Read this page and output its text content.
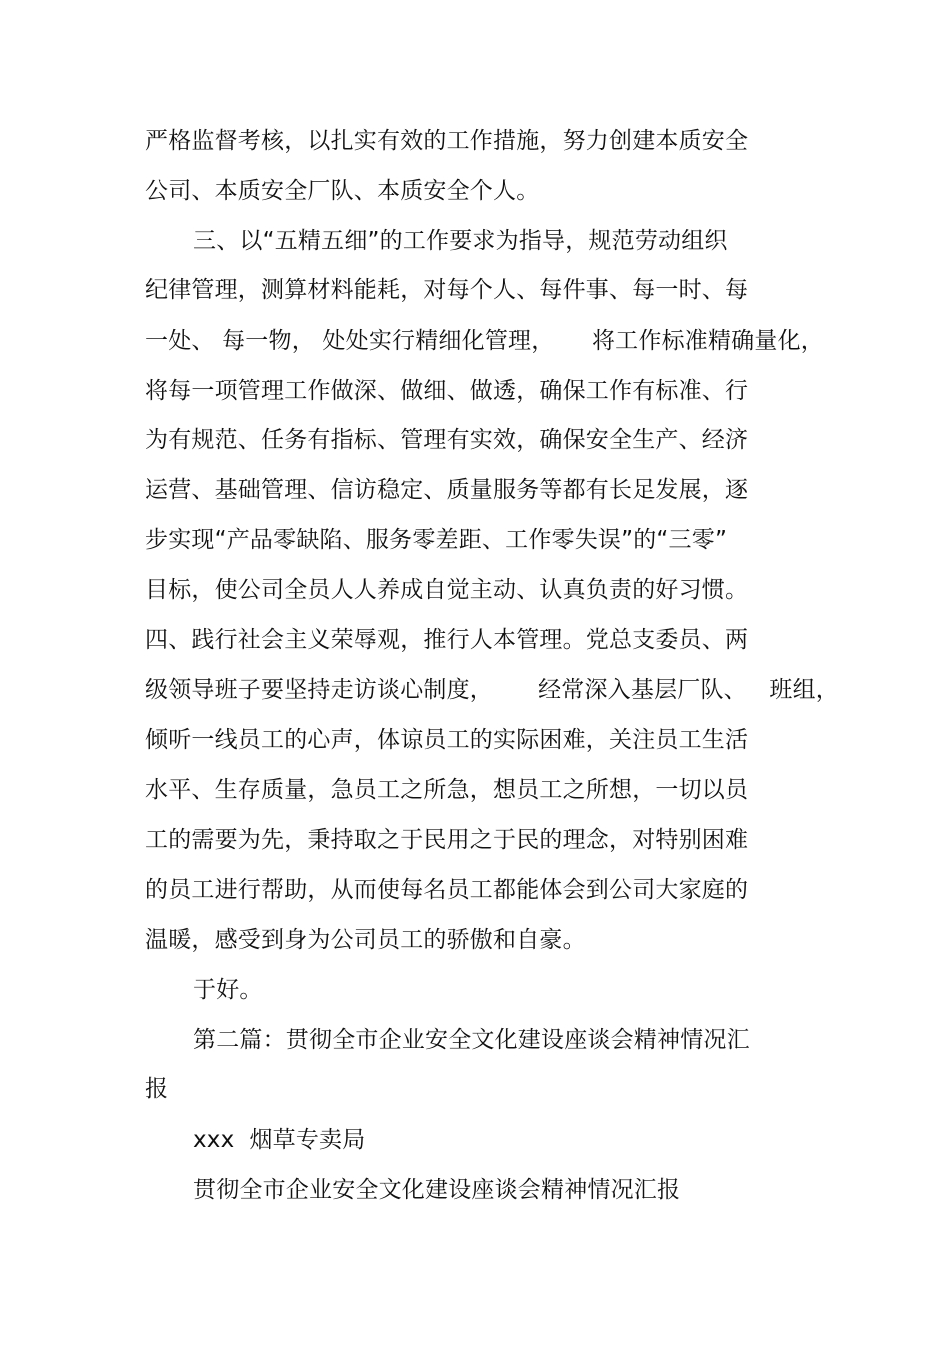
严格监督考核，以扎实有效的工作措施，努力创建本质安全
公司、本质安全厂队、本质安全个人。
三、以“五精五细”的工作要求为指导，规范劳动组织
纪律管理，测算材料能耗，对每个人、每件事、每一时、每
一处、 每一物， 处处实行精细化管理，     将工作标准精确量化，
将每一项管理工作做深、做细、做透，确保工作有标准、行
为有规范、任务有指标、管理有实效，确保安全生产、经济
运营、基础管理、信访稳定、质量服务等都有长足发展，逐
步实现“产品零缺陷、服务零差距、工作零失误”的“三零”
目标，使公司全员人人养成自觉主动、认真负责的好习惯。
四、践行社会主义荣辱观，推行人本管理。党总支委员、两
级领导班子要坚持走访谈心制度，      经常深入基层厂队、   班组，
倾听一线员工的心声，体谅员工的实际困难，关注员工生活
水平、生存质量，急员工之所急，想员工之所想，一切以员
工的需要为先，秉持取之于民用之于民的理念，对特别困难
的员工进行帮助，从而使每名员工都能体会到公司大家庭的
温暖，感受到身为公司员工的骄傲和自豪。
于好。
第二篇：贯彻全市企业安全文化建设座谈会精神情况汇
报
xxx  烟草专卖局
贯彻全市企业安全文化建设座谈会精神情况汇报
